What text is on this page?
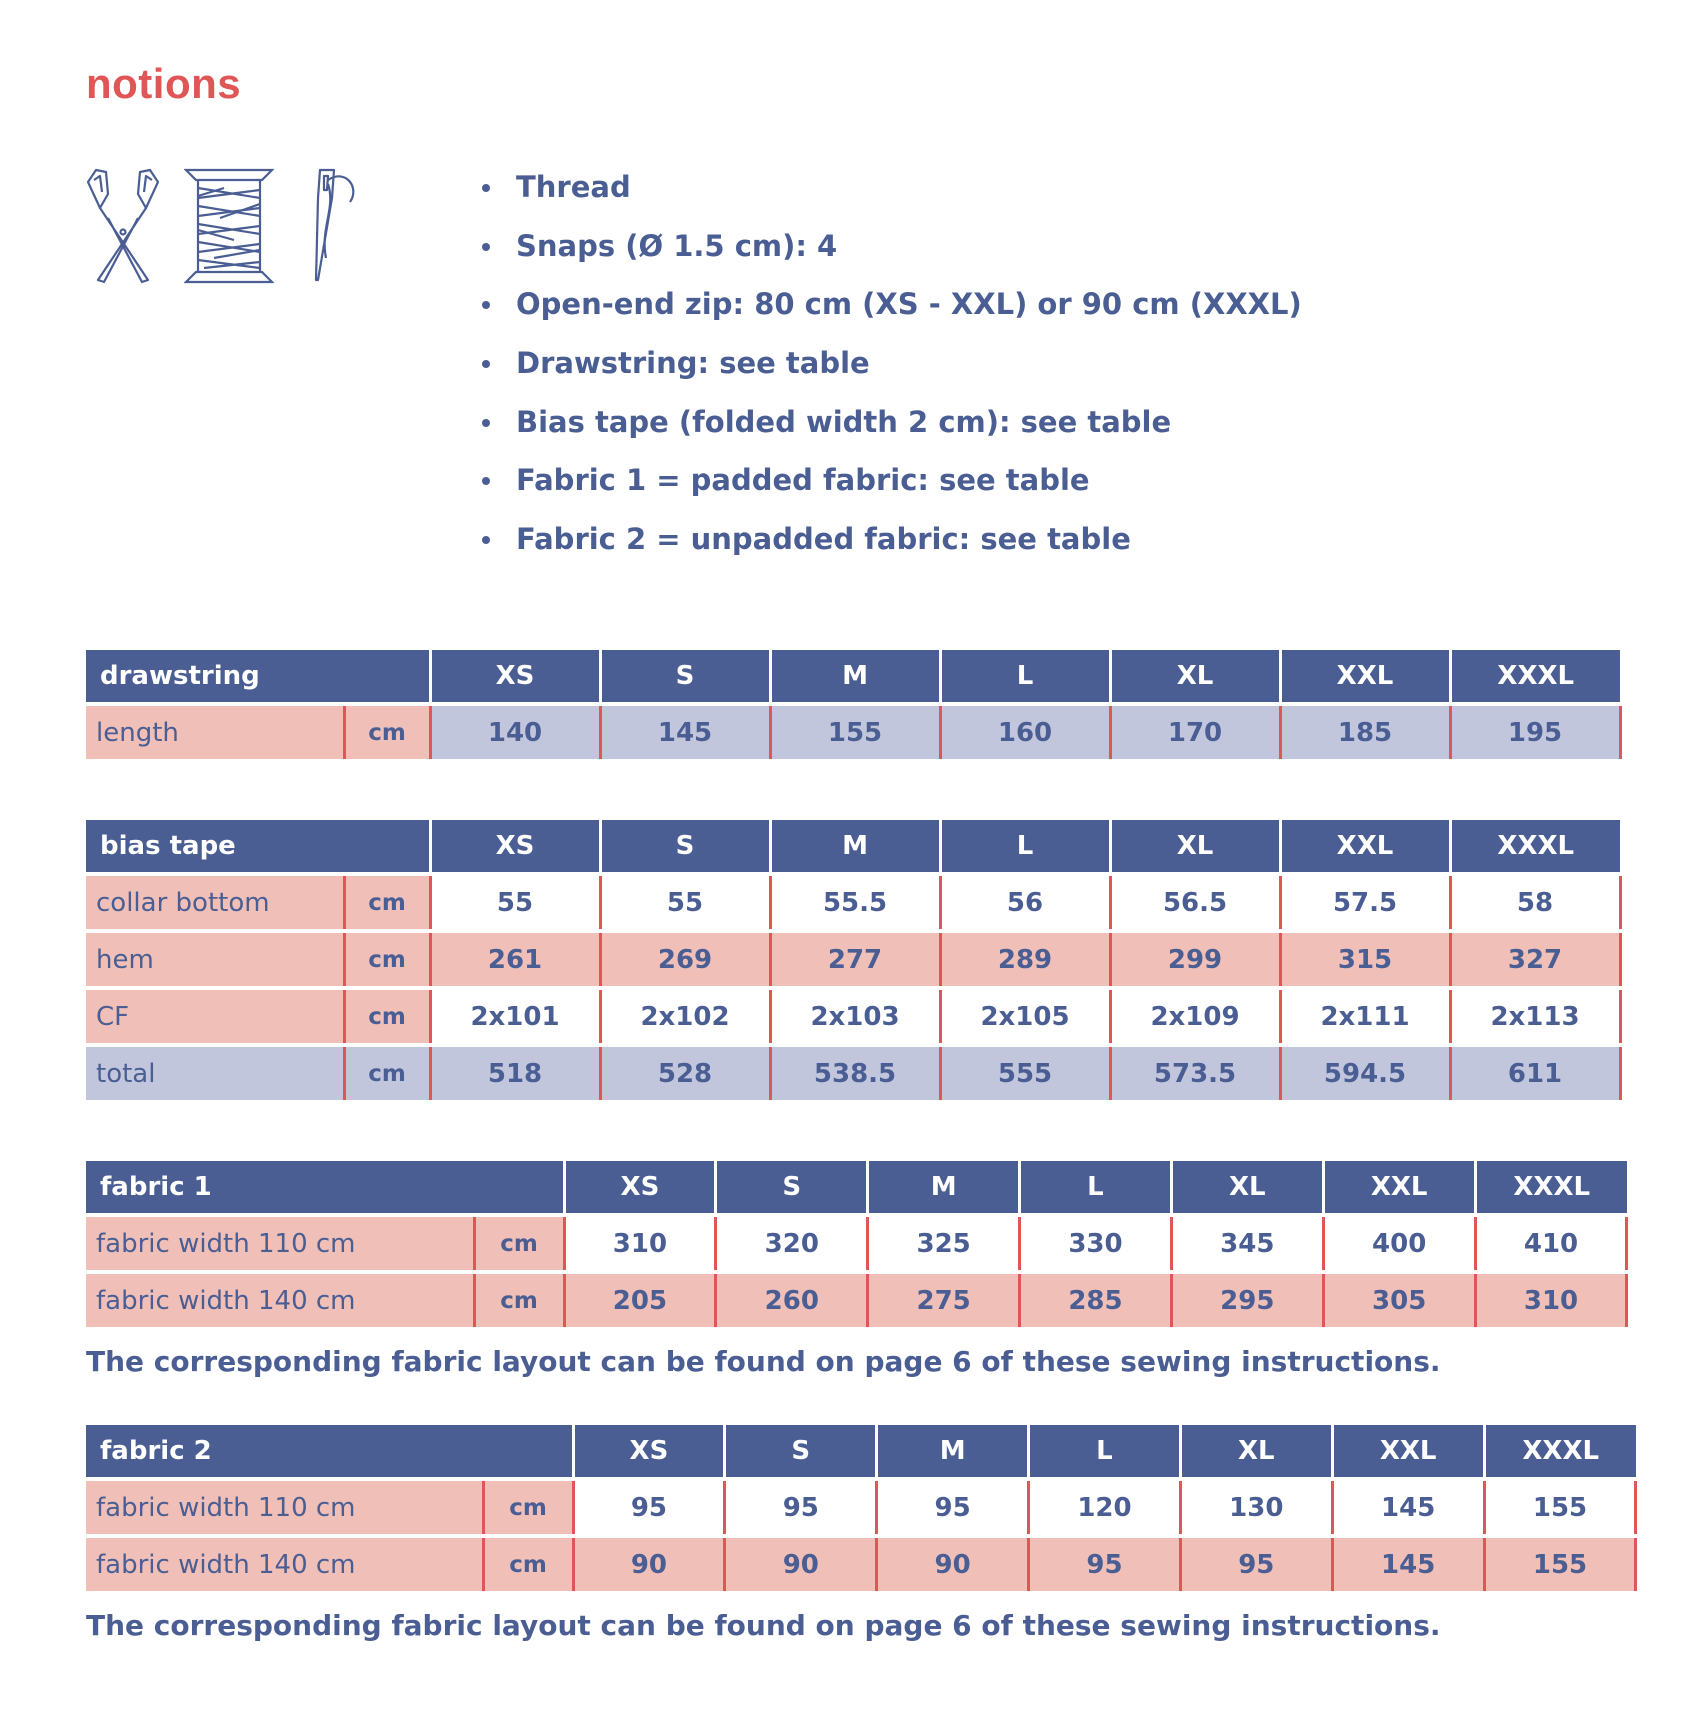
notions
Thread
Snaps (Ø 1.5 cm): 4
Open-end zip: 80 cm (XS - XXL) or 90 cm (XXXL)
Drawstring: see table
Bias tape (folded width 2 cm): see table
Fabric 1 = padded fabric: see table
Fabric 2 = unpadded fabric: see table
drawstring		XS	S	M	L	XL	XXL	XXXL
length	cm	140	145	155	160	170	185	195
bias tape		XS	S	M	L	XL	XXL	XXXL
collar bottom	cm	55	55	55.5	56	56.5	57.5	58
hem	cm	261	269	277	289	299	315	327
CF	cm	2x101	2x102	2x103	2x105	2x109	2x111	2x113
total	cm	518	528	538.5	555	573.5	594.5	611
fabric 1		XS	S	M	L	XL	XXL	XXXL
fabric width 110 cm	cm	310	320	325	330	345	400	410
fabric width 140 cm	cm	205	260	275	285	295	305	310

The corresponding fabric layout can be found on page 6 of these sewing instructions.

fabric 2		XS	S	M	L	XL	XXL	XXXL
fabric width 110 cm	cm	95	95	95	120	130	145	155
fabric width 140 cm	cm	90	90	90	95	95	145	155

The corresponding fabric layout can be found on page 6 of these sewing instructions.
